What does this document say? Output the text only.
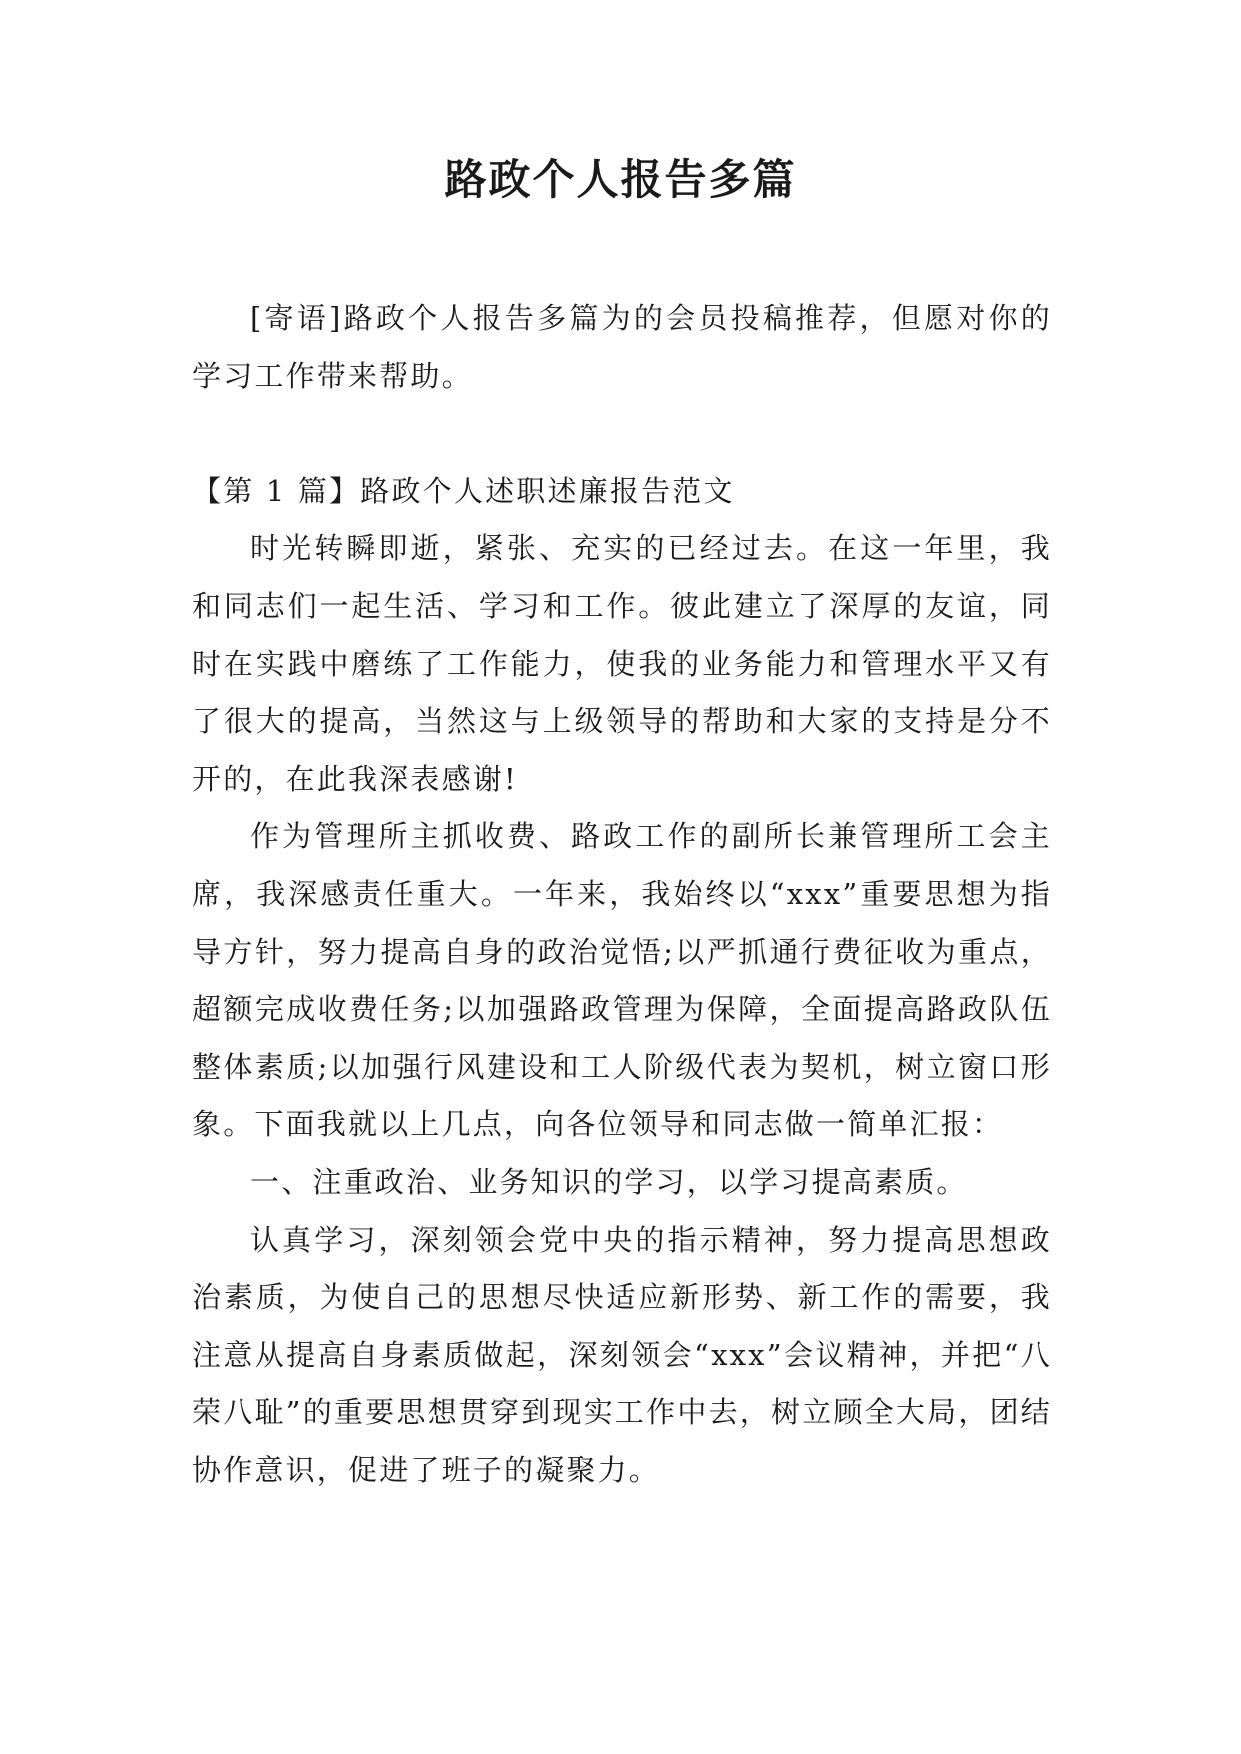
路政个人报告多篇

[寄语]路政个人报告多篇为的会员投稿推荐，但愿对你的学习工作带来帮助。

【第 1 篇】路政个人述职述廉报告范文

时光转瞬即逝，紧张、充实的已经过去。在这一年里，我和同志们一起生活、学习和工作。彼此建立了深厚的友谊，同时在实践中磨练了工作能力，使我的业务能力和管理水平又有了很大的提高，当然这与上级领导的帮助和大家的支持是分不开的，在此我深表感谢!

作为管理所主抓收费、路政工作的副所长兼管理所工会主席，我深感责任重大。一年来，我始终以“xxx”重要思想为指导方针，努力提高自身的政治觉悟;以严抓通行费征收为重点，超额完成收费任务;以加强路政管理为保障，全面提高路政队伍整体素质;以加强行风建设和工人阶级代表为契机，树立窗口形象。下面我就以上几点，向各位领导和同志做一简单汇报：

一、注重政治、业务知识的学习，以学习提高素质。

认真学习，深刻领会党中央的指示精神，努力提高思想政治素质，为使自己的思想尽快适应新形势、新工作的需要，我注意从提高自身素质做起，深刻领会“xxx”会议精神，并把“八荣八耻”的重要思想贯穿到现实工作中去，树立顾全大局，团结协作意识，促进了班子的凝聚力。
